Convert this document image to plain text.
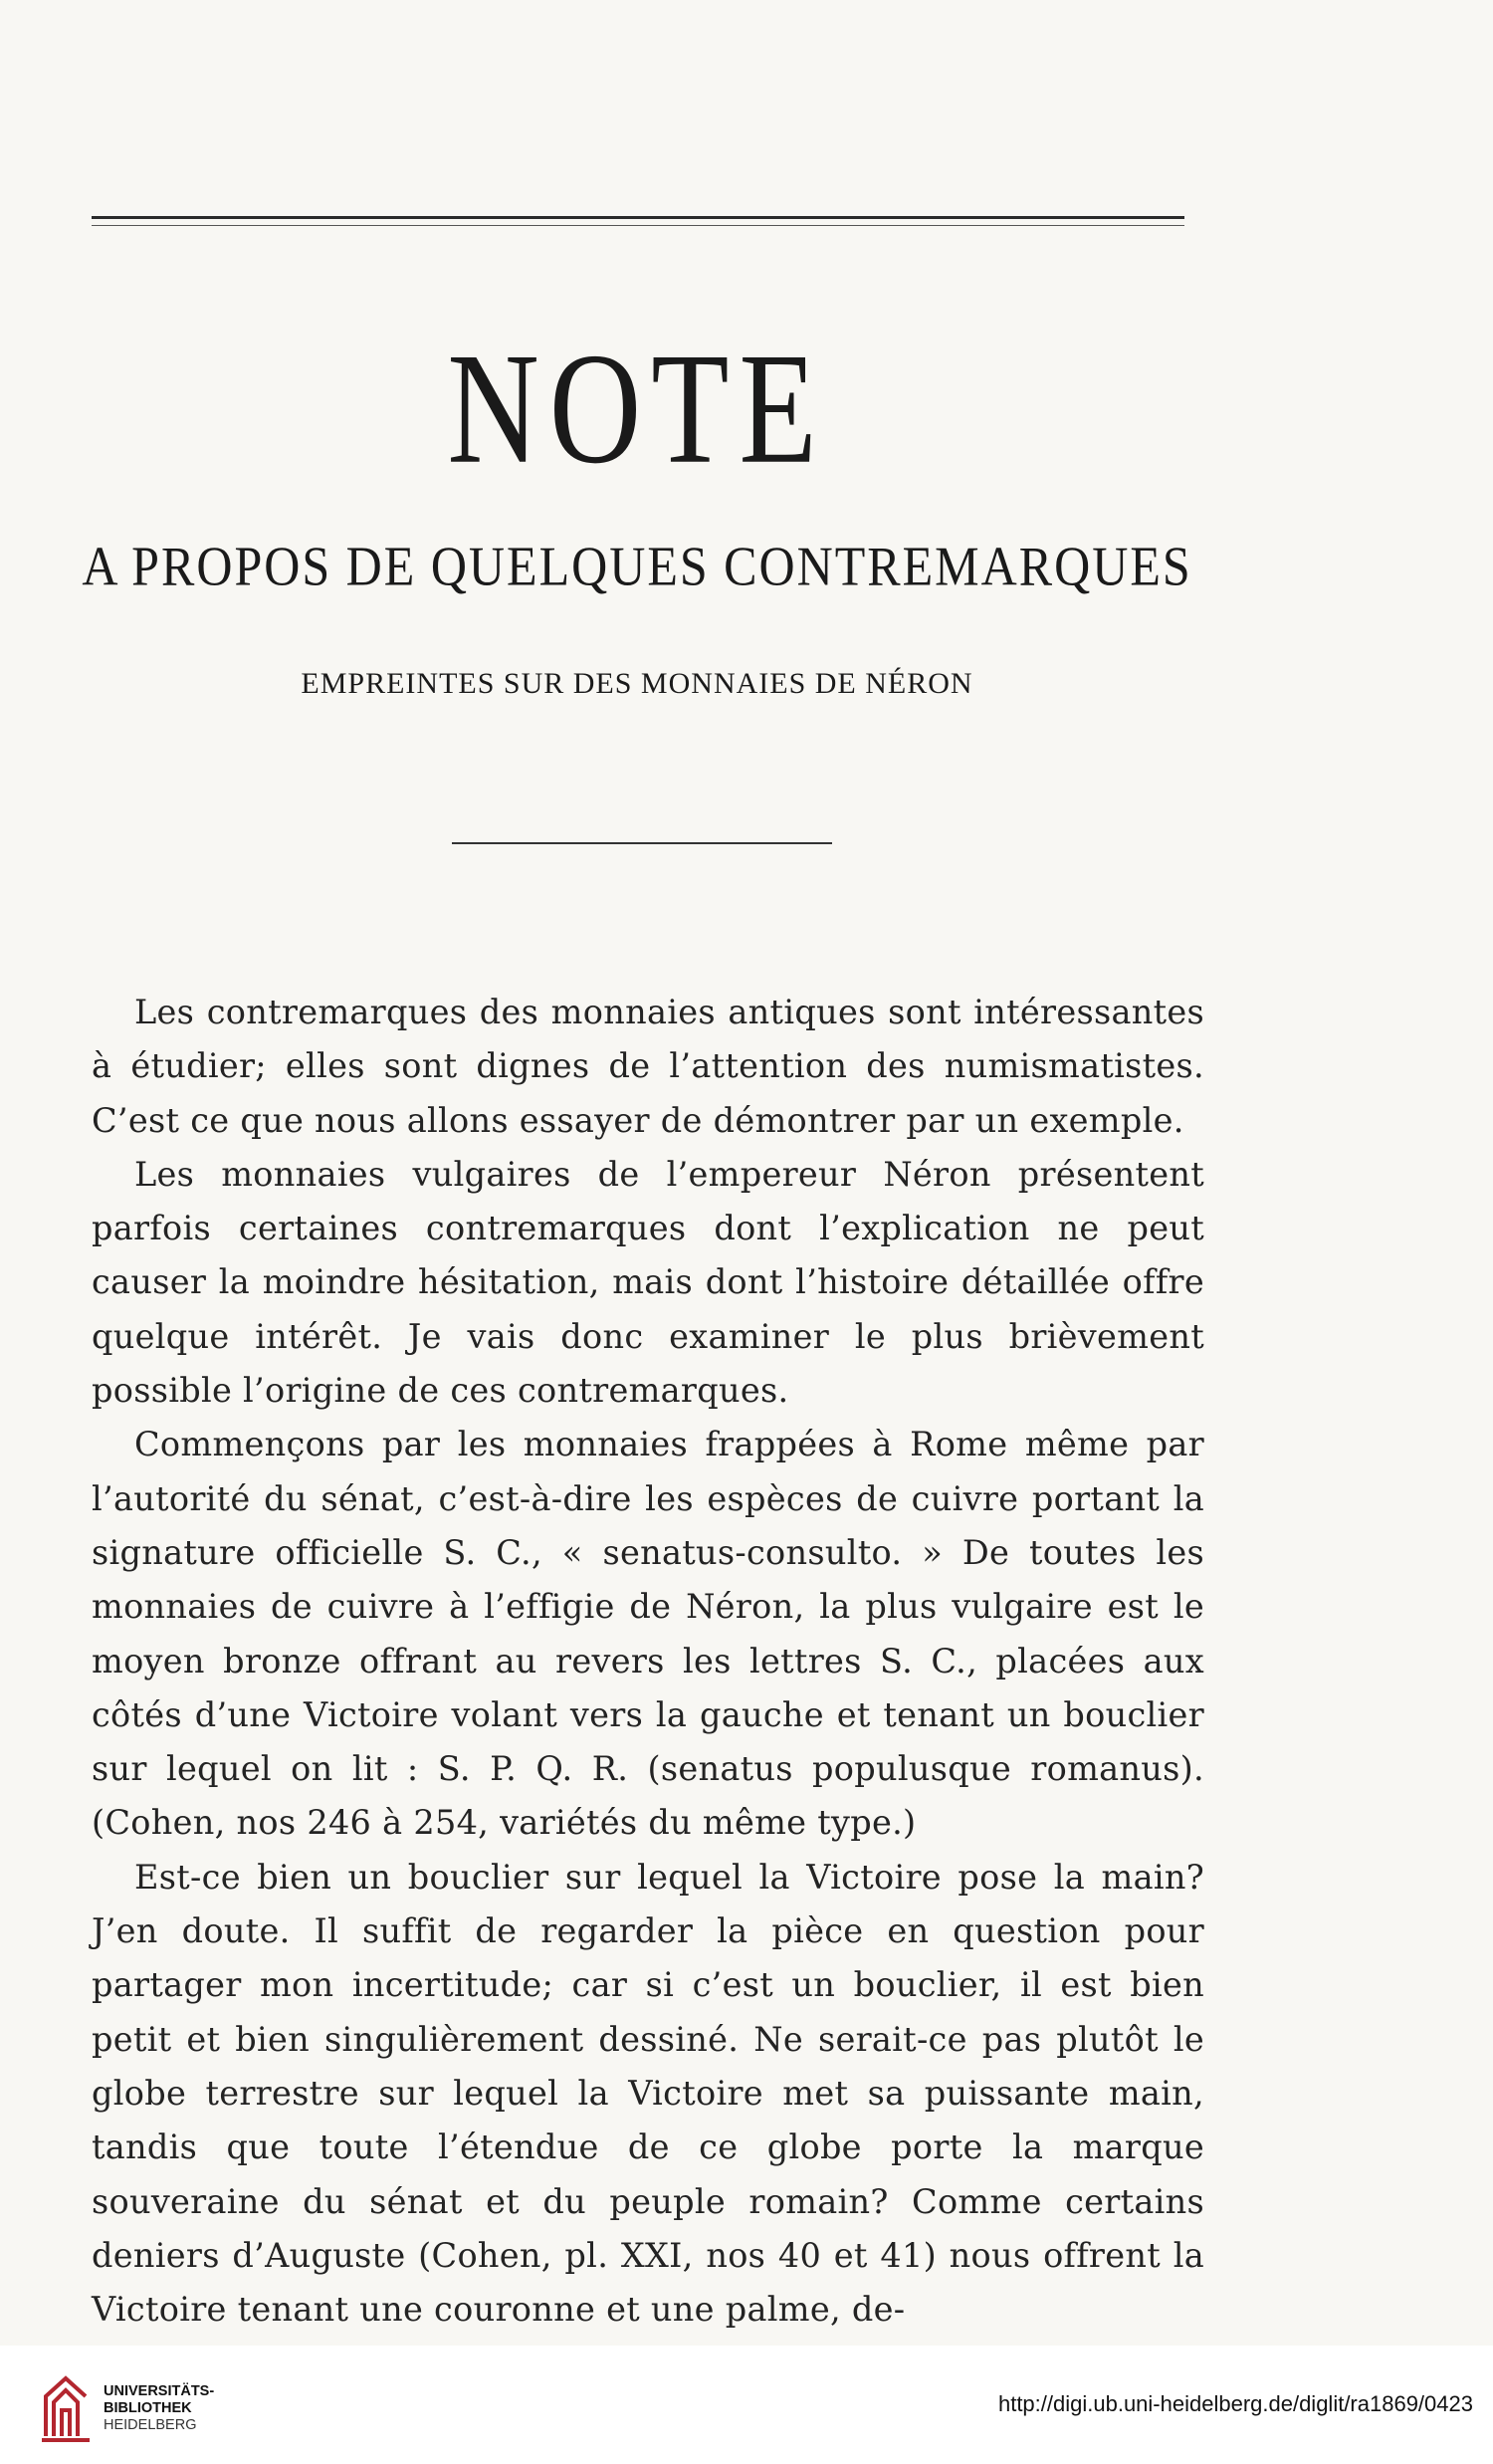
NOTE
A PROPOS DE QUELQUES CONTREMARQUES
EMPREINTES SUR DES MONNAIES DE NÉRON

Les contremarques des monnaies antiques sont intéressantes à étudier; elles sont dignes de l’attention des numismatistes. C’est ce que nous allons essayer de démontrer par un exemple.

Les monnaies vulgaires de l’empereur Néron présentent parfois certaines contremarques dont l’explication ne peut causer la moindre hésitation, mais dont l’histoire détaillée offre quelque intérêt. Je vais donc examiner le plus brièvement possible l’origine de ces contremarques.

Commençons par les monnaies frappées à Rome même par l’autorité du sénat, c’est-à-dire les espèces de cuivre portant la signature officielle S. C., « senatus-consulto. » De toutes les monnaies de cuivre à l’effigie de Néron, la plus vulgaire est le moyen bronze offrant au revers les lettres S. C., placées aux côtés d’une Victoire volant vers la gauche et tenant un bouclier sur lequel on lit : S. P. Q. R. (senatus populusque romanus). (Cohen, nos 246 à 254, variétés du même type.)

Est-ce bien un bouclier sur lequel la Victoire pose la main? J’en doute. Il suffit de regarder la pièce en question pour partager mon incertitude; car si c’est un bouclier, il est bien petit et bien singulièrement dessiné. Ne serait-ce pas plutôt le globe terrestre sur lequel la Victoire met sa puissante main, tandis que toute l’étendue de ce globe porte la marque souveraine du sénat et du peuple romain? Comme certains deniers d’Auguste (Cohen, pl. XXI, nos 40 et 41) nous offrent la Victoire tenant une couronne et une palme, de-

UNIVERSITÄTS-
BIBLIOTHEK
HEIDELBERG
http://digi.ub.uni-heidelberg.de/diglit/ra1869/0423
